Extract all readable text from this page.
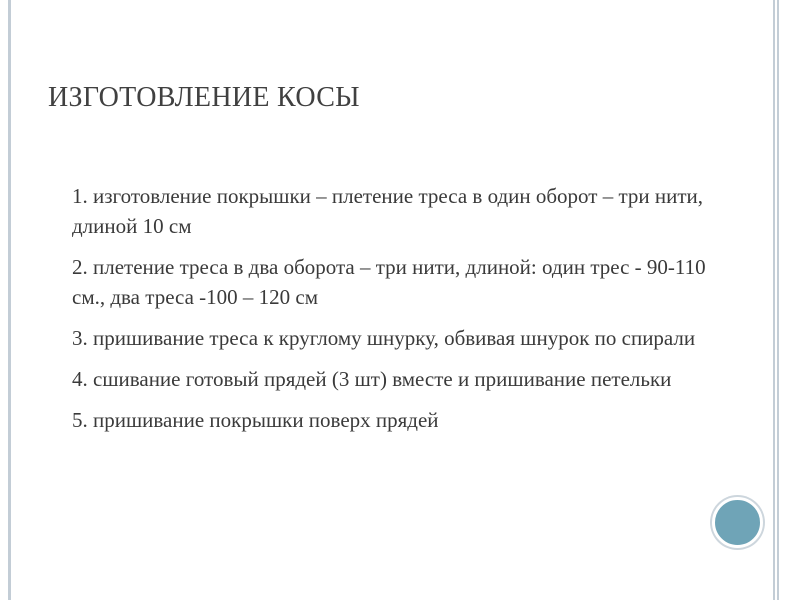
ИЗГОТОВЛЕНИЕ КОСЫ
1. изготовление покрышки – плетение треса в один оборот – три нити, длиной 10 см
2. плетение треса в два оборота – три нити, длиной: один трес - 90-110 см., два треса -100 – 120 см
3. пришивание треса к круглому шнурку, обвивая шнурок по спирали
4. сшивание готовый прядей (3 шт) вместе и пришивание петельки
5. пришивание покрышки поверх прядей
